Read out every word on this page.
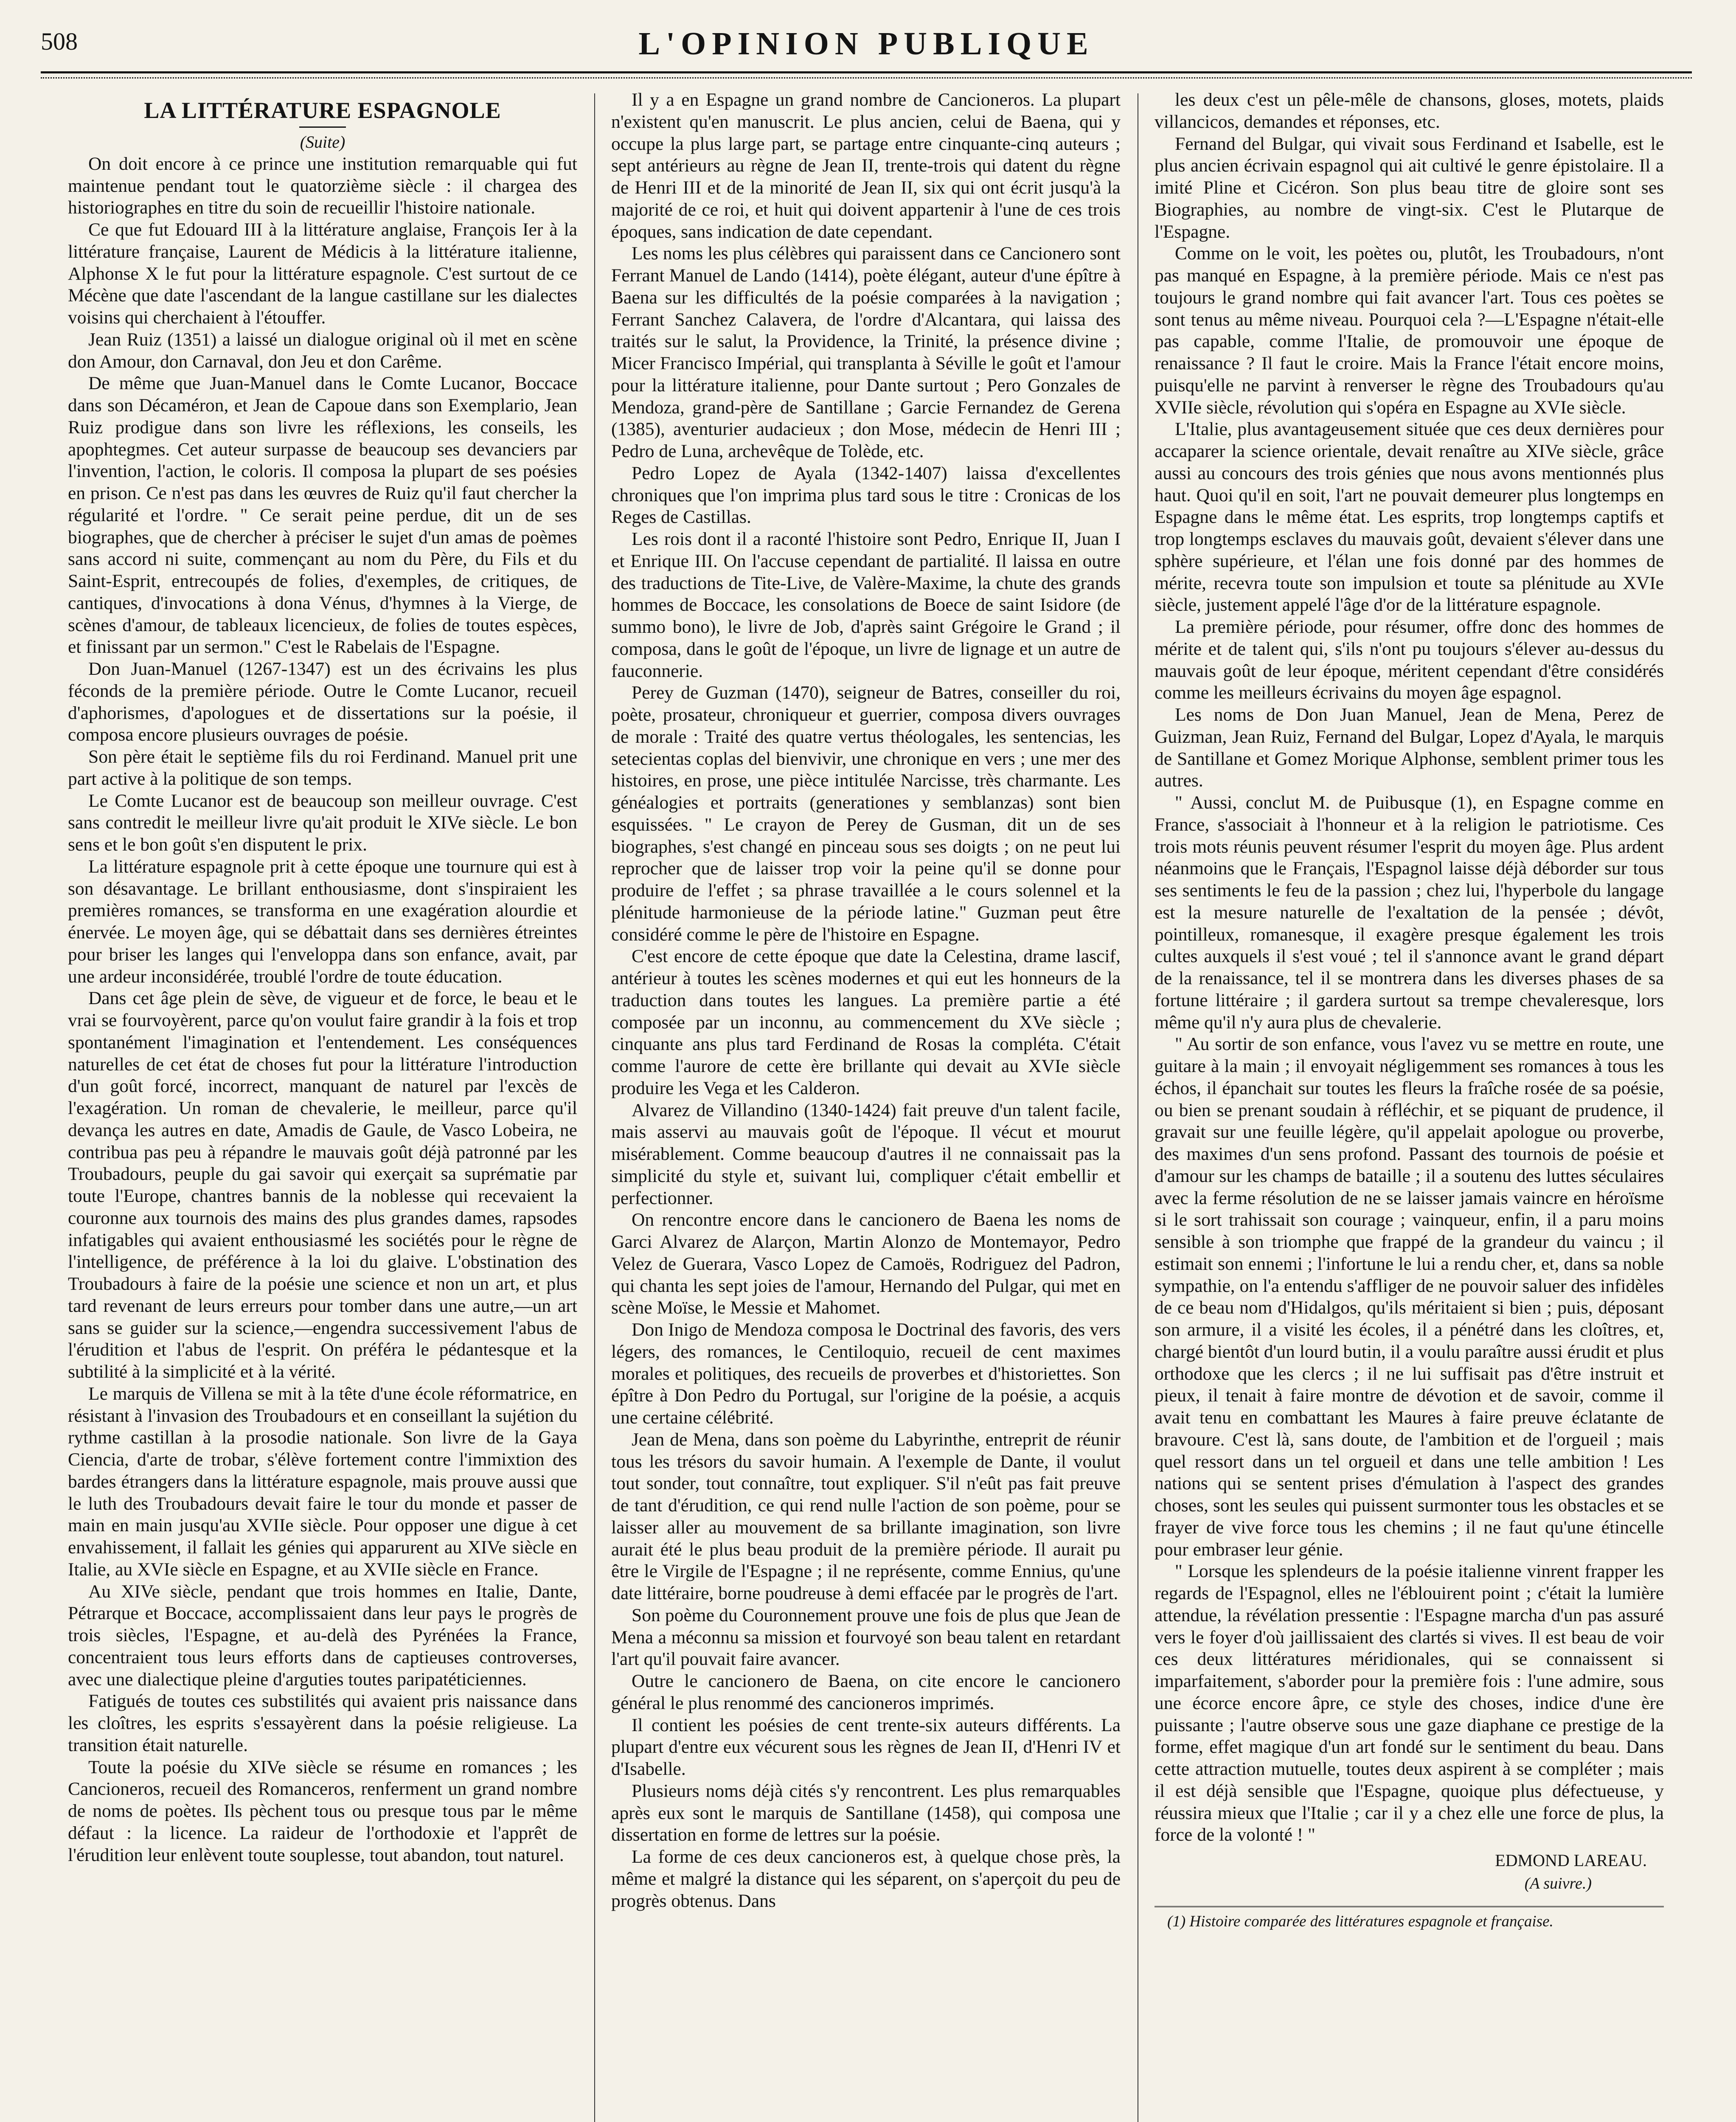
508	L'OPINION PUBLIQUE
LA LITTÉRATURE ESPAGNOLE
(Suite)

On doit encore à ce prince une institution remarquable qui fut maintenue pendant tout le quatorzième siècle : il chargea des historiographes en titre du soin de recueillir l'histoire nationale.

Ce que fut Edouard III à la littérature anglaise, François Ier à la littérature française, Laurent de Médicis à la littérature italienne, Alphonse X le fut pour la littérature espagnole. C'est surtout de ce Mécène que date l'ascendant de la langue castillane sur les dialectes voisins qui cherchaient à l'étouffer.

Jean Ruiz (1351) a laissé un dialogue original où il met en scène don Amour, don Carnaval, don Jeu et don Carême.

De même que Juan-Manuel dans le Comte Lucanor, Boccace dans son Décaméron, et Jean de Capoue dans son Exemplario, Jean Ruiz prodigue dans son livre les réflexions, les conseils, les apophtegmes. Cet auteur surpasse de beaucoup ses devanciers par l'invention, l'action, le coloris. Il composa la plupart de ses poésies en prison. Ce n'est pas dans les œuvres de Ruiz qu'il faut chercher la régularité et l'ordre. " Ce serait peine perdue, dit un de ses biographes, que de chercher à préciser le sujet d'un amas de poèmes sans accord ni suite, commençant au nom du Père, du Fils et du Saint-Esprit, entrecoupés de folies, d'exemples, de critiques, de cantiques, d'invocations à dona Vénus, d'hymnes à la Vierge, de scènes d'amour, de tableaux licencieux, de folies de toutes espèces, et finissant par un sermon." C'est le Rabelais de l'Espagne.

Don Juan-Manuel (1267-1347) est un des écrivains les plus féconds de la première période. Outre le Comte Lucanor, recueil d'aphorismes, d'apologues et de dissertations sur la poésie, il composa encore plusieurs ouvrages de poésie.

Son père était le septième fils du roi Ferdinand. Manuel prit une part active à la politique de son temps.

Le Comte Lucanor est de beaucoup son meilleur ouvrage. C'est sans contredit le meilleur livre qu'ait produit le XIVe siècle. Le bon sens et le bon goût s'en disputent le prix.

La littérature espagnole prit à cette époque une tournure qui est à son désavantage. Le brillant enthousiasme, dont s'inspiraient les premières romances, se transforma en une exagération alourdie et énervée. Le moyen âge, qui se débattait dans ses dernières étreintes pour briser les langes qui l'enveloppa dans son enfance, avait, par une ardeur inconsidérée, troublé l'ordre de toute éducation.

Dans cet âge plein de sève, de vigueur et de force, le beau et le vrai se fourvoyèrent, parce qu'on voulut faire grandir à la fois et trop spontanément l'imagination et l'entendement. Les conséquences naturelles de cet état de choses fut pour la littérature l'introduction d'un goût forcé, incorrect, manquant de naturel par l'excès de l'exagération. Un roman de chevalerie, le meilleur, parce qu'il devança les autres en date, Amadis de Gaule, de Vasco Lobeira, ne contribua pas peu à répandre le mauvais goût déjà patronné par les Troubadours, peuple du gai savoir qui exerçait sa suprématie par toute l'Europe, chantres bannis de la noblesse qui recevaient la couronne aux tournois des mains des plus grandes dames, rapsodes infatigables qui avaient enthousiasmé les sociétés pour le règne de l'intelligence, de préférence à la loi du glaive. L'obstination des Troubadours à faire de la poésie une science et non un art, et plus tard revenant de leurs erreurs pour tomber dans une autre,—un art sans se guider sur la science,—engendra successivement l'abus de l'érudition et l'abus de l'esprit. On préféra le pédantesque et la subtilité à la simplicité et à la vérité.

Le marquis de Villena se mit à la tête d'une école réformatrice, en résistant à l'invasion des Troubadours et en conseillant la sujétion du rythme castillan à la prosodie nationale. Son livre de la Gaya Ciencia, d'arte de trobar, s'élève fortement contre l'immixtion des bardes étrangers dans la littérature espagnole, mais prouve aussi que le luth des Troubadours devait faire le tour du monde et passer de main en main jusqu'au XVIIe siècle. Pour opposer une digue à cet envahissement, il fallait les génies qui apparurent au XIVe siècle en Italie, au XVIe siècle en Espagne, et au XVIIe siècle en France.

Au XIVe siècle, pendant que trois hommes en Italie, Dante, Pétrarque et Boccace, accomplissaient dans leur pays le progrès de trois siècles, l'Espagne, et au-delà des Pyrénées la France, concentraient tous leurs efforts dans de captieuses controverses, avec une dialectique pleine d'arguties toutes paripatéticiennes.

Fatigués de toutes ces substilités qui avaient pris naissance dans les cloîtres, les esprits s'essayèrent dans la poésie religieuse. La transition était naturelle.

Toute la poésie du XIVe siècle se résume en romances ; les Cancioneros, recueil des Romanceros, renferment un grand nombre de noms de poètes. Ils pèchent tous ou presque tous par le même défaut : la licence. La raideur de l'orthodoxie et l'apprêt de l'érudition leur enlèvent toute souplesse, tout abandon, tout naturel.

Il y a en Espagne un grand nombre de Cancioneros. La plupart n'existent qu'en manuscrit. Le plus ancien, celui de Baena, qui y occupe la plus large part, se partage entre cinquante-cinq auteurs ; sept antérieurs au règne de Jean II, trente-trois qui datent du règne de Henri III et de la minorité de Jean II, six qui ont écrit jusqu'à la majorité de ce roi, et huit qui doivent appartenir à l'une de ces trois époques, sans indication de date cependant.

Les noms les plus célèbres qui paraissent dans ce Cancionero sont Ferrant Manuel de Lando (1414), poète élégant, auteur d'une épître à Baena sur les difficultés de la poésie comparées à la navigation ; Ferrant Sanchez Calavera, de l'ordre d'Alcantara, qui laissa des traités sur le salut, la Providence, la Trinité, la présence divine ; Micer Francisco Impérial, qui transplanta à Séville le goût et l'amour pour la littérature italienne, pour Dante surtout ; Pero Gonzales de Mendoza, grand-père de Santillane ; Garcie Fernandez de Gerena (1385), aventurier audacieux ; don Mose, médecin de Henri III ; Pedro de Luna, archevêque de Tolède, etc.

Pedro Lopez de Ayala (1342-1407) laissa d'excellentes chroniques que l'on imprima plus tard sous le titre : Cronicas de los Reges de Castillas.

Les rois dont il a raconté l'histoire sont Pedro, Enrique II, Juan I et Enrique III. On l'accuse cependant de partialité. Il laissa en outre des traductions de Tite-Live, de Valère-Maxime, la chute des grands hommes de Boccace, les consolations de Boece de saint Isidore (de summo bono), le livre de Job, d'après saint Grégoire le Grand ; il composa, dans le goût de l'époque, un livre de lignage et un autre de fauconnerie.

Perey de Guzman (1470), seigneur de Batres, conseiller du roi, poète, prosateur, chroniqueur et guerrier, composa divers ouvrages de morale : Traité des quatre vertus théologales, les sentencias, les setecientas coplas del bienvivir, une chronique en vers ; une mer des histoires, en prose, une pièce intitulée Narcisse, très charmante. Les généalogies et portraits (generationes y semblanzas) sont bien esquissées. " Le crayon de Perey de Gusman, dit un de ses biographes, s'est changé en pinceau sous ses doigts ; on ne peut lui reprocher que de laisser trop voir la peine qu'il se donne pour produire de l'effet ; sa phrase travaillée a le cours solennel et la plénitude harmonieuse de la période latine." Guzman peut être considéré comme le père de l'histoire en Espagne.

C'est encore de cette époque que date la Celestina, drame lascif, antérieur à toutes les scènes modernes et qui eut les honneurs de la traduction dans toutes les langues. La première partie a été composée par un inconnu, au commencement du XVe siècle ; cinquante ans plus tard Ferdinand de Rosas la compléta. C'était comme l'aurore de cette ère brillante qui devait au XVIe siècle produire les Vega et les Calderon.

Alvarez de Villandino (1340-1424) fait preuve d'un talent facile, mais asservi au mauvais goût de l'époque. Il vécut et mourut misérablement. Comme beaucoup d'autres il ne connaissait pas la simplicité du style et, suivant lui, compliquer c'était embellir et perfectionner.

On rencontre encore dans le cancionero de Baena les noms de Garci Alvarez de Alarçon, Martin Alonzo de Montemayor, Pedro Velez de Guerara, Vasco Lopez de Camoës, Rodriguez del Padron, qui chanta les sept joies de l'amour, Hernando del Pulgar, qui met en scène Moïse, le Messie et Mahomet.

Don Inigo de Mendoza composa le Doctrinal des favoris, des vers légers, des romances, le Centiloquio, recueil de cent maximes morales et politiques, des recueils de proverbes et d'historiettes. Son épître à Don Pedro du Portugal, sur l'origine de la poésie, a acquis une certaine célébrité.

Jean de Mena, dans son poème du Labyrinthe, entreprit de réunir tous les trésors du savoir humain. A l'exemple de Dante, il voulut tout sonder, tout connaître, tout expliquer. S'il n'eût pas fait preuve de tant d'érudition, ce qui rend nulle l'action de son poème, pour se laisser aller au mouvement de sa brillante imagination, son livre aurait été le plus beau produit de la première période. Il aurait pu être le Virgile de l'Espagne ; il ne représente, comme Ennius, qu'une date littéraire, borne poudreuse à demi effacée par le progrès de l'art.

Son poème du Couronnement prouve une fois de plus que Jean de Mena a méconnu sa mission et fourvoyé son beau talent en retardant l'art qu'il pouvait faire avancer.

Outre le cancionero de Baena, on cite encore le cancionero général le plus renommé des cancioneros imprimés.

Il contient les poésies de cent trente-six auteurs différents. La plupart d'entre eux vécurent sous les règnes de Jean II, d'Henri IV et d'Isabelle.

Plusieurs noms déjà cités s'y rencontrent. Les plus remarquables après eux sont le marquis de Santillane (1458), qui composa une dissertation en forme de lettres sur la poésie.

La forme de ces deux cancioneros est, à quelque chose près, la même et malgré la distance qui les séparent, on s'aperçoit du peu de progrès obtenus. Dans

les deux c'est un pêle-mêle de chansons, gloses, motets, plaids villancicos, demandes et réponses, etc.

Fernand del Bulgar, qui vivait sous Ferdinand et Isabelle, est le plus ancien écrivain espagnol qui ait cultivé le genre épistolaire. Il a imité Pline et Cicéron. Son plus beau titre de gloire sont ses Biographies, au nombre de vingt-six. C'est le Plutarque de l'Espagne.

Comme on le voit, les poètes ou, plutôt, les Troubadours, n'ont pas manqué en Espagne, à la première période. Mais ce n'est pas toujours le grand nombre qui fait avancer l'art. Tous ces poètes se sont tenus au même niveau. Pourquoi cela ?—L'Espagne n'était-elle pas capable, comme l'Italie, de promouvoir une époque de renaissance ? Il faut le croire. Mais la France l'était encore moins, puisqu'elle ne parvint à renverser le règne des Troubadours qu'au XVIIe siècle, révolution qui s'opéra en Espagne au XVIe siècle.

L'Italie, plus avantageusement située que ces deux dernières pour accaparer la science orientale, devait renaître au XIVe siècle, grâce aussi au concours des trois génies que nous avons mentionnés plus haut. Quoi qu'il en soit, l'art ne pouvait demeurer plus longtemps en Espagne dans le même état. Les esprits, trop longtemps captifs et trop longtemps esclaves du mauvais goût, devaient s'élever dans une sphère supérieure, et l'élan une fois donné par des hommes de mérite, recevra toute son impulsion et toute sa plénitude au XVIe siècle, justement appelé l'âge d'or de la littérature espagnole.

La première période, pour résumer, offre donc des hommes de mérite et de talent qui, s'ils n'ont pu toujours s'élever au-dessus du mauvais goût de leur époque, méritent cependant d'être considérés comme les meilleurs écrivains du moyen âge espagnol.

Les noms de Don Juan Manuel, Jean de Mena, Perez de Guizman, Jean Ruiz, Fernand del Bulgar, Lopez d'Ayala, le marquis de Santillane et Gomez Morique Alphonse, semblent primer tous les autres.

" Aussi, conclut M. de Puibusque (1), en Espagne comme en France, s'associait à l'honneur et à la religion le patriotisme. Ces trois mots réunis peuvent résumer l'esprit du moyen âge. Plus ardent néanmoins que le Français, l'Espagnol laisse déjà déborder sur tous ses sentiments le feu de la passion ; chez lui, l'hyperbole du langage est la mesure naturelle de l'exaltation de la pensée ; dévôt, pointilleux, romanesque, il exagère presque également les trois cultes auxquels il s'est voué ; tel il s'annonce avant le grand départ de la renaissance, tel il se montrera dans les diverses phases de sa fortune littéraire ; il gardera surtout sa trempe chevaleresque, lors même qu'il n'y aura plus de chevalerie.

" Au sortir de son enfance, vous l'avez vu se mettre en route, une guitare à la main ; il envoyait négligemment ses romances à tous les échos, il épanchait sur toutes les fleurs la fraîche rosée de sa poésie, ou bien se prenant soudain à réfléchir, et se piquant de prudence, il gravait sur une feuille légère, qu'il appelait apologue ou proverbe, des maximes d'un sens profond. Passant des tournois de poésie et d'amour sur les champs de bataille ; il a soutenu des luttes séculaires avec la ferme résolution de ne se laisser jamais vaincre en héroïsme si le sort trahissait son courage ; vainqueur, enfin, il a paru moins sensible à son triomphe que frappé de la grandeur du vaincu ; il estimait son ennemi ; l'infortune le lui a rendu cher, et, dans sa noble sympathie, on l'a entendu s'affliger de ne pouvoir saluer des infidèles de ce beau nom d'Hidalgos, qu'ils méritaient si bien ; puis, déposant son armure, il a visité les écoles, il a pénétré dans les cloîtres, et, chargé bientôt d'un lourd butin, il a voulu paraître aussi érudit et plus orthodoxe que les clercs ; il ne lui suffisait pas d'être instruit et pieux, il tenait à faire montre de dévotion et de savoir, comme il avait tenu en combattant les Maures à faire preuve éclatante de bravoure. C'est là, sans doute, de l'ambition et de l'orgueil ; mais quel ressort dans un tel orgueil et dans une telle ambition ! Les nations qui se sentent prises d'émulation à l'aspect des grandes choses, sont les seules qui puissent surmonter tous les obstacles et se frayer de vive force tous les chemins ; il ne faut qu'une étincelle pour embraser leur génie.

" Lorsque les splendeurs de la poésie italienne vinrent frapper les regards de l'Espagnol, elles ne l'éblouirent point ; c'était la lumière attendue, la révélation pressentie : l'Espagne marcha d'un pas assuré vers le foyer d'où jaillissaient des clartés si vives. Il est beau de voir ces deux littératures méridionales, qui se connaissent si imparfaitement, s'aborder pour la première fois : l'une admire, sous une écorce encore âpre, ce style des choses, indice d'une ère puissante ; l'autre observe sous une gaze diaphane ce prestige de la forme, effet magique d'un art fondé sur le sentiment du beau. Dans cette attraction mutuelle, toutes deux aspirent à se compléter ; mais il est déjà sensible que l'Espagne, quoique plus défectueuse, y réussira mieux que l'Italie ; car il y a chez elle une force de plus, la force de la volonté ! "

EDMOND LAREAU.
(A suivre.)
(1) Histoire comparée des littératures espagnole et française.
